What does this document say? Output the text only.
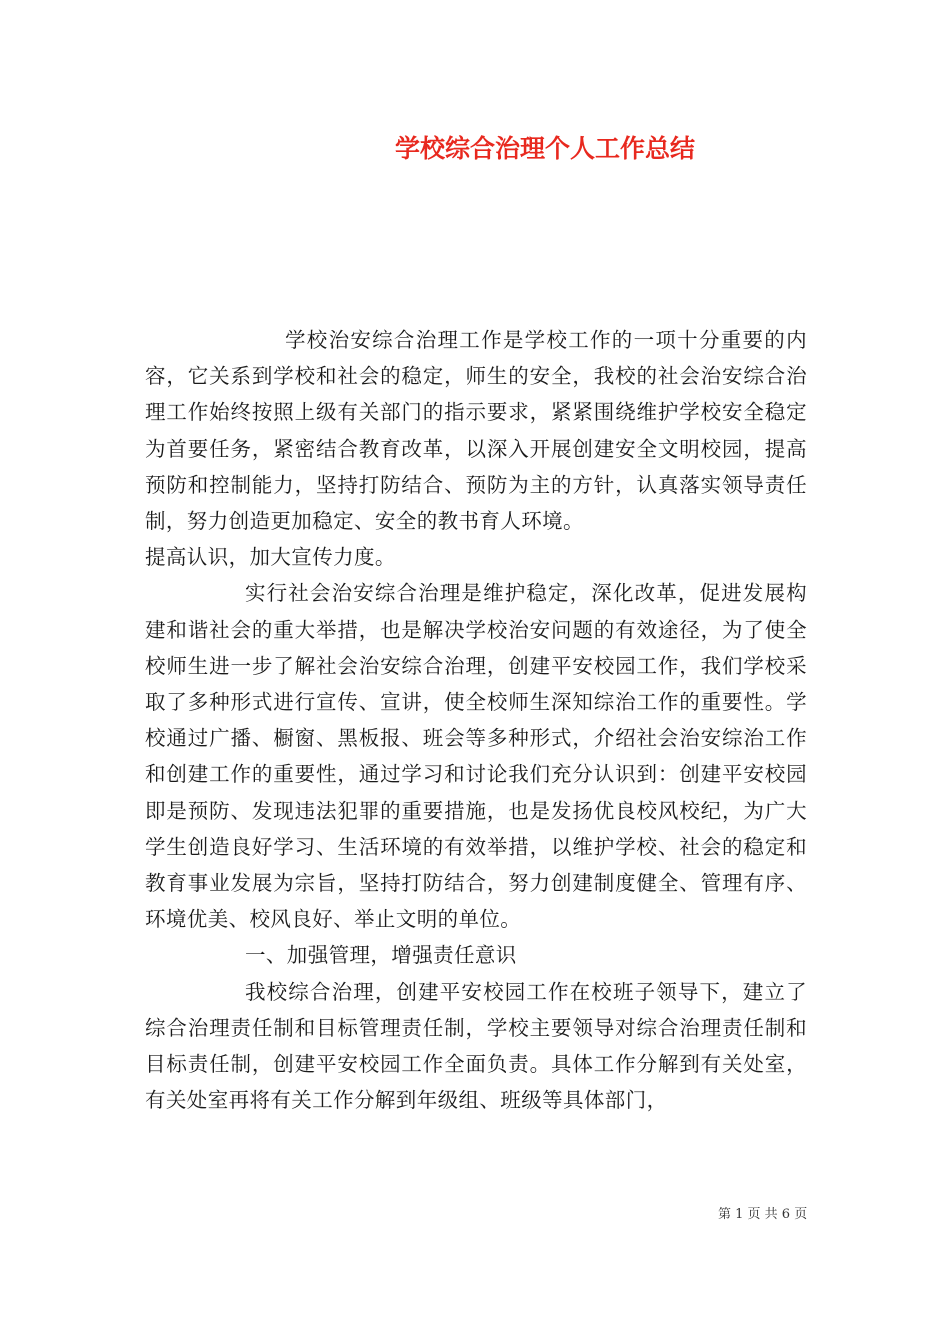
学校综合治理个人工作总结

学校治安综合治理工作是学校工作的一项十分重要的内容，它关系到学校和社会的稳定，师生的安全，我校的社会治安综合治理工作始终按照上级有关部门的指示要求，紧紧围绕维护学校安全稳定为首要任务，紧密结合教育改革，以深入开展创建安全文明校园，提高预防和控制能力，坚持打防结合、预防为主的方针，认真落实领导责任制，努力创造更加稳定、安全的教书育人环境。

提高认识，加大宣传力度。

实行社会治安综合治理是维护稳定，深化改革，促进发展构建和谐社会的重大举措，也是解决学校治安问题的有效途径，为了使全校师生进一步了解社会治安综合治理，创建平安校园工作，我们学校采取了多种形式进行宣传、宣讲，使全校师生深知综治工作的重要性。学校通过广播、橱窗、黑板报、班会等多种形式，介绍社会治安综治工作和创建工作的重要性，通过学习和讨论我们充分认识到：创建平安校园即是预防、发现违法犯罪的重要措施，也是发扬优良校风校纪，为广大学生创造良好学习、生活环境的有效举措，以维护学校、社会的稳定和教育事业发展为宗旨，坚持打防结合，努力创建制度健全、管理有序、环境优美、校风良好、举止文明的单位。

一、加强管理，增强责任意识

我校综合治理，创建平安校园工作在校班子领导下，建立了综合治理责任制和目标管理责任制，学校主要领导对综合治理责任制和目标责任制，创建平安校园工作全面负责。具体工作分解到有关处室，有关处室再将有关工作分解到年级组、班级等具体部门，

第 1 页 共 6 页
